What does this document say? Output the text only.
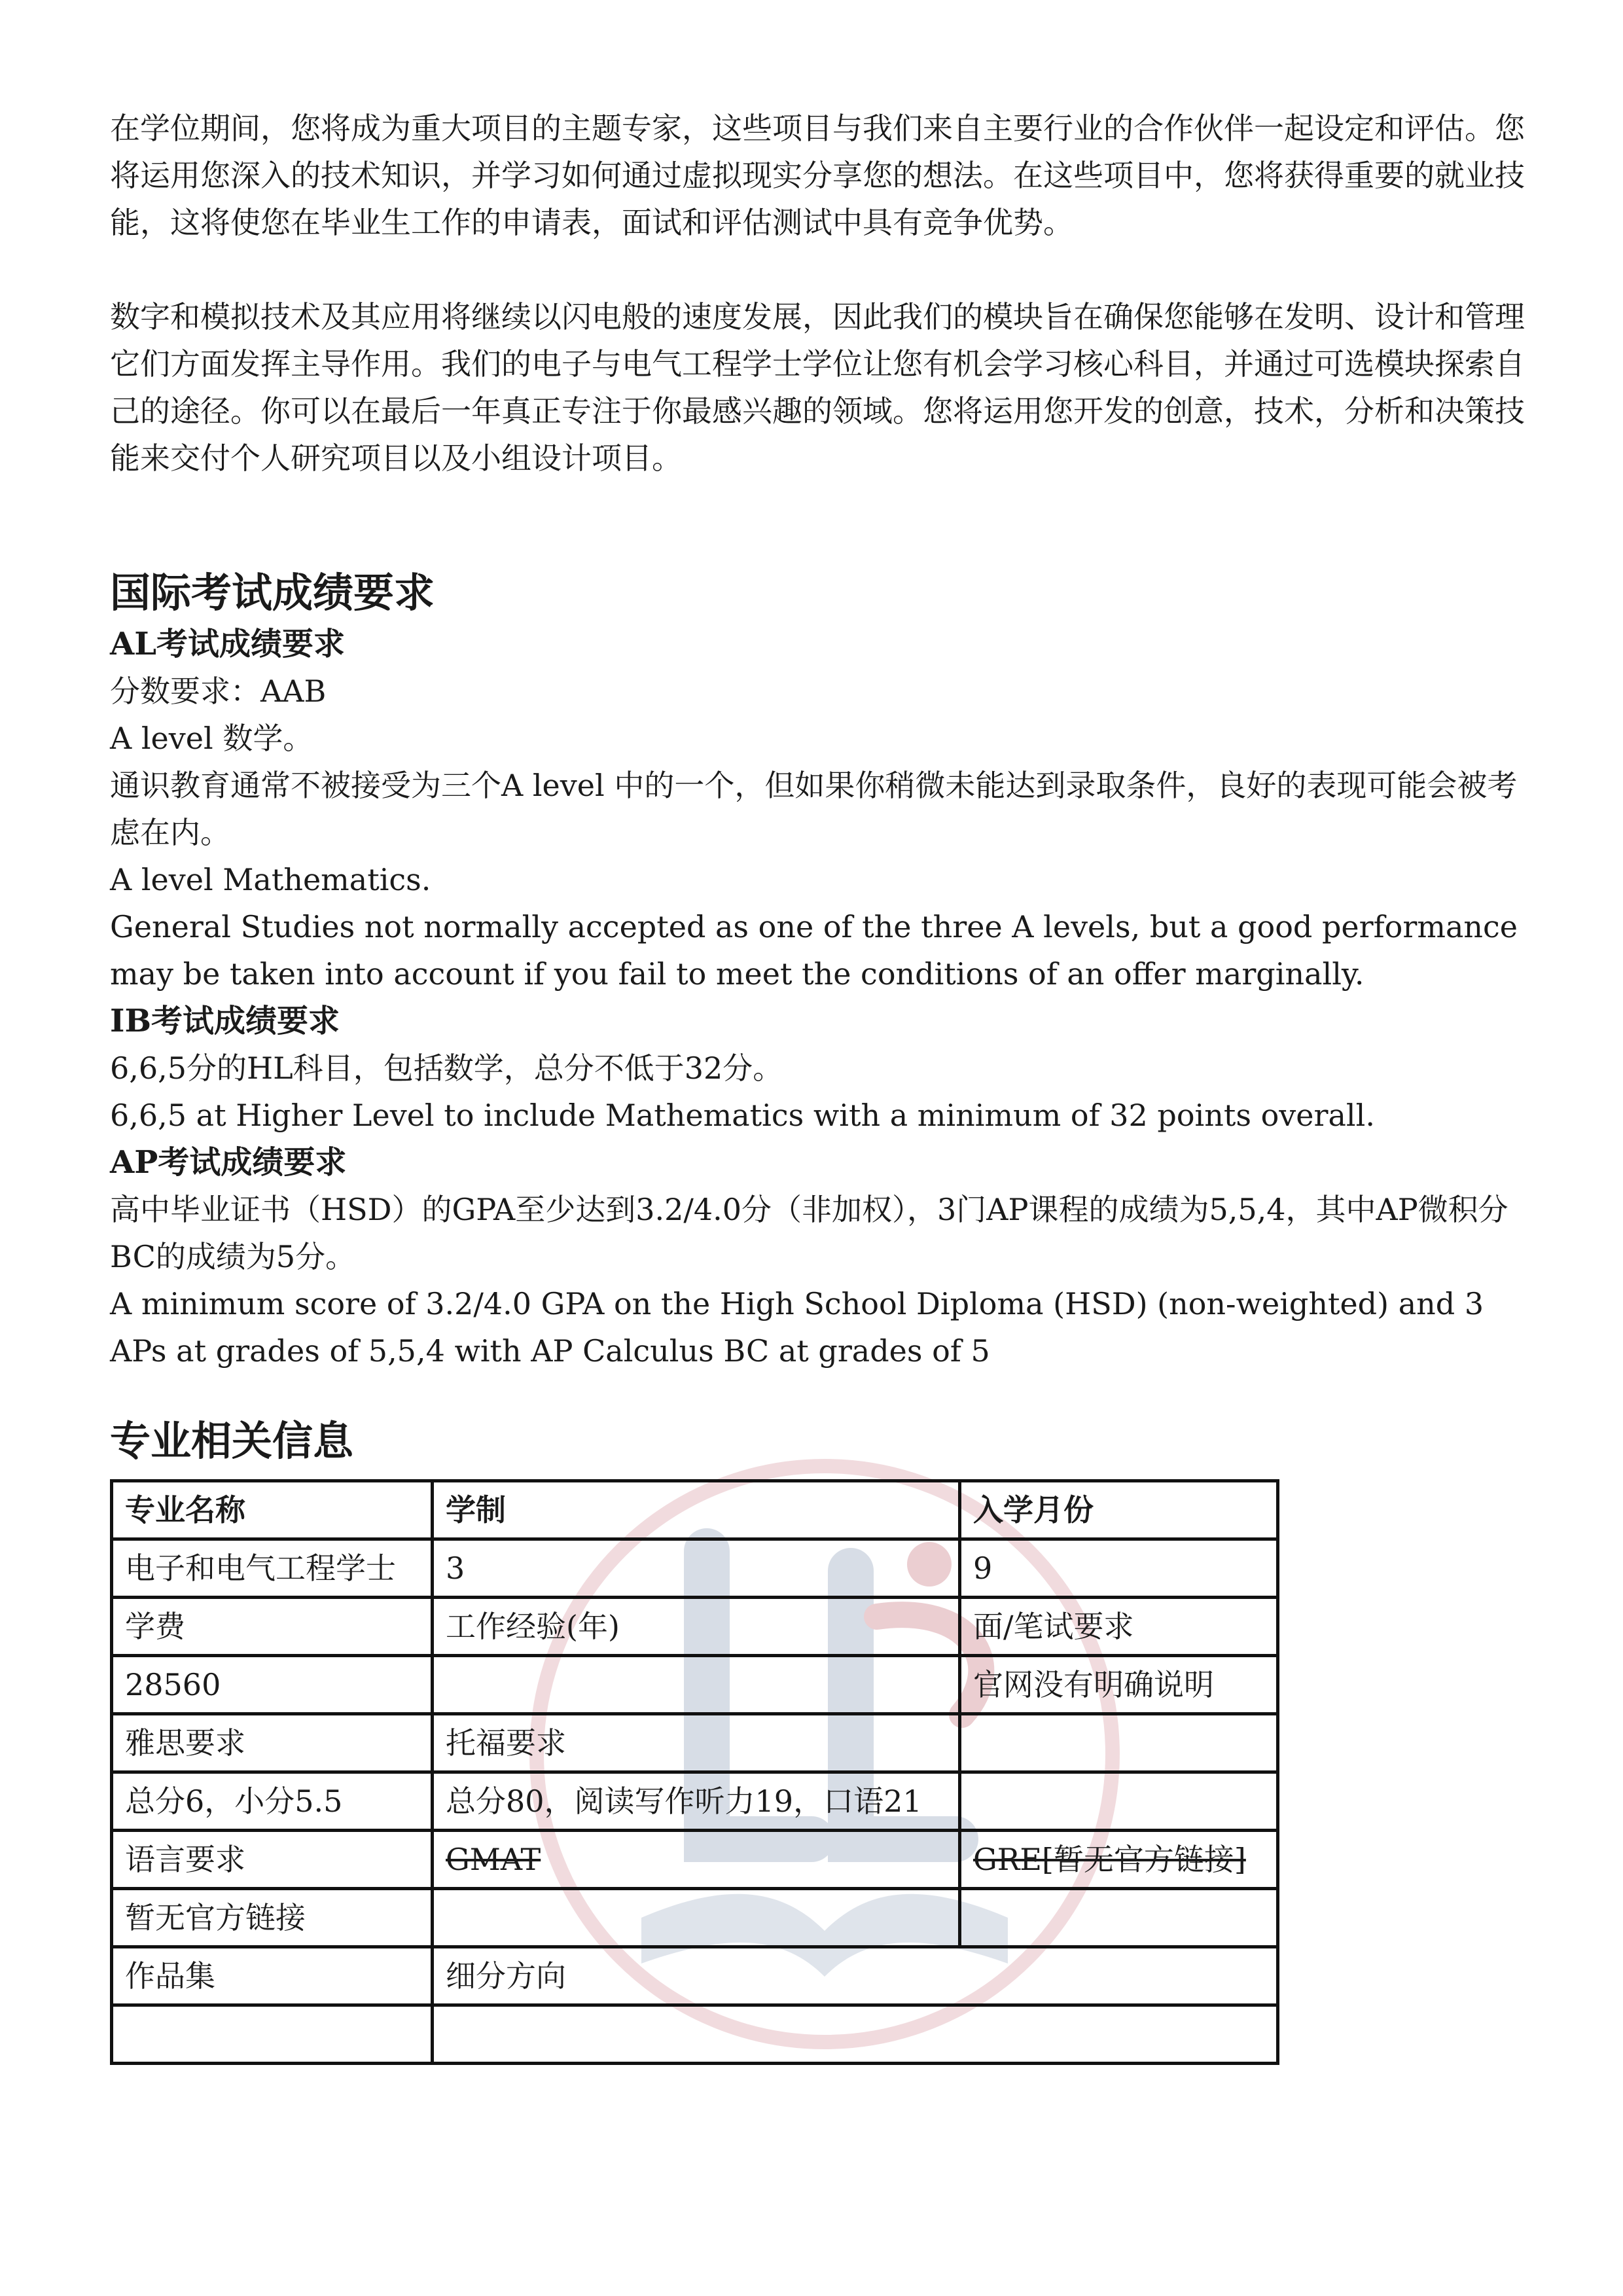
在学位期间，您将成为重大项目的主题专家，这些项目与我们来自主要行业的合作伙伴一起设定和评估。您将运用您深入的技术知识，并学习如何通过虚拟现实分享您的想法。在这些项目中，您将获得重要的就业技能，这将使您在毕业生工作的申请表，面试和评估测试中具有竞争优势。

数字和模拟技术及其应用将继续以闪电般的速度发展，因此我们的模块旨在确保您能够在发明、设计和管理它们方面发挥主导作用。我们的电子与电气工程学士学位让您有机会学习核心科目，并通过可选模块探索自己的途径。你可以在最后一年真正专注于你最感兴趣的领域。您将运用您开发的创意，技术，分析和决策技能来交付个人研究项目以及小组设计项目。

国际考试成绩要求
AL考试成绩要求

分数要求：AAB

A level 数学。

通识教育通常不被接受为三个A level 中的一个，但如果你稍微未能达到录取条件，良好的表现可能会被考虑在内。

A level Mathematics.

General Studies not normally accepted as one of the three A levels, but a good performance may be taken into account if you fail to meet the conditions of an offer marginally.

IB考试成绩要求

6,6,5分的HL科目，包括数学，总分不低于32分。

6,6,5 at Higher Level to include Mathematics with a minimum of 32 points overall.

AP考试成绩要求

高中毕业证书（HSD）的GPA至少达到3.2/4.0分（非加权），3门AP课程的成绩为5,5,4，其中AP微积分BC的成绩为5分。

A minimum score of 3.2/4.0 GPA on the High School Diploma (HSD) (non-weighted) and 3 APs at grades of 5,5,4 with AP Calculus BC at grades of 5

专业相关信息
专业名称	学制	入学月份
电子和电气工程学士	3	9
学费	工作经验(年)	面/笔试要求
28560		官网没有明确说明
雅思要求	托福要求	
总分6，小分5.5	总分80，阅读写作听力19，口语21	
语言要求	GMAT	GRE[暂无官方链接]
暂无官方链接		
作品集	细分方向	
